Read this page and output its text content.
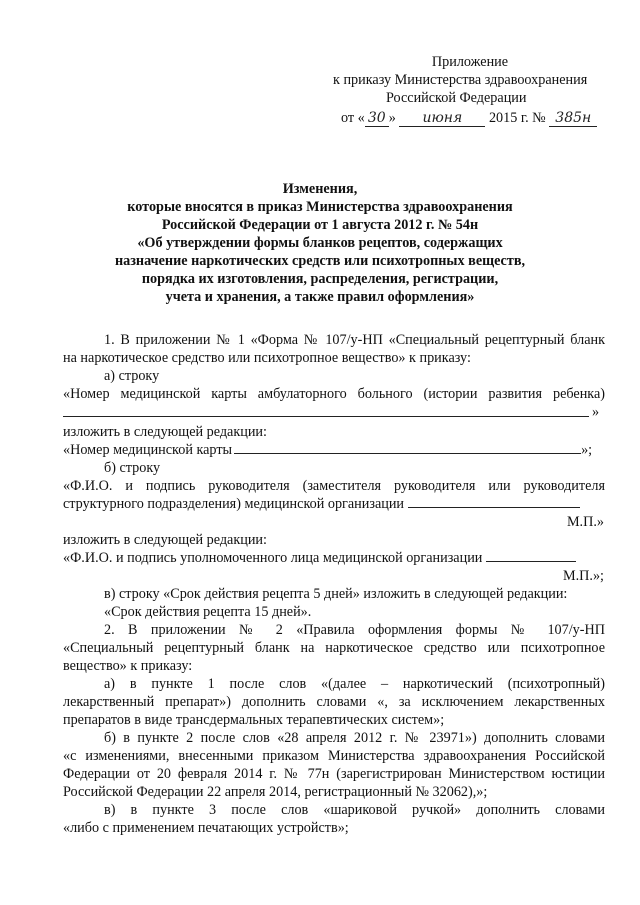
Приложение
к приказу Министерства здравоохранения
Российской Федерации
от « 30 » июня 2015 г. № 385н
Изменения,
которые вносятся в приказ Министерства здравоохранения
Российской Федерации от 1 августа 2012 г. № 54н
«Об утверждении формы бланков рецептов, содержащих
назначение наркотических средств или психотропных веществ,
порядка их изготовления, распределения, регистрации,
учета и хранения, а также правил оформления»
1. В приложении № 1 «Форма № 107/у-НП «Специальный рецептурный бланк
на наркотическое средство или психотропное вещество» к приказу:
а) строку
«Номер медицинской карты амбулаторного больного (истории развития ребенка)
»
изложить в следующей редакции:
«Номер медицинской карты	»;
б) строку
«Ф.И.О. и подпись руководителя (заместителя руководителя или руководителя
структурного подразделения) медицинской организации
М.П.»
изложить в следующей редакции:
«Ф.И.О. и подпись уполномоченного лица медицинской организации
М.П.»;
в) строку «Срок действия рецепта 5 дней» изложить в следующей редакции:
«Срок действия рецепта 15 дней».
2. В приложении № 2 «Правила оформления формы № 107/у-НП
«Специальный рецептурный бланк на наркотическое средство или психотропное
вещество» к приказу:
а) в пункте 1 после слов «(далее – наркотический (психотропный)
лекарственный препарат») дополнить словами «, за исключением лекарственных
препаратов в виде трансдермальных терапевтических систем»;
б) в пункте 2 после слов «28 апреля 2012 г. № 23971») дополнить словами
«с изменениями, внесенными приказом Министерства здравоохранения Российской
Федерации от 20 февраля 2014 г. № 77н (зарегистрирован Министерством юстиции
Российской Федерации 22 апреля 2014, регистрационный № 32062),»;
в) в пункте 3 после слов «шариковой ручкой» дополнить словами
«либо с применением печатающих устройств»;
